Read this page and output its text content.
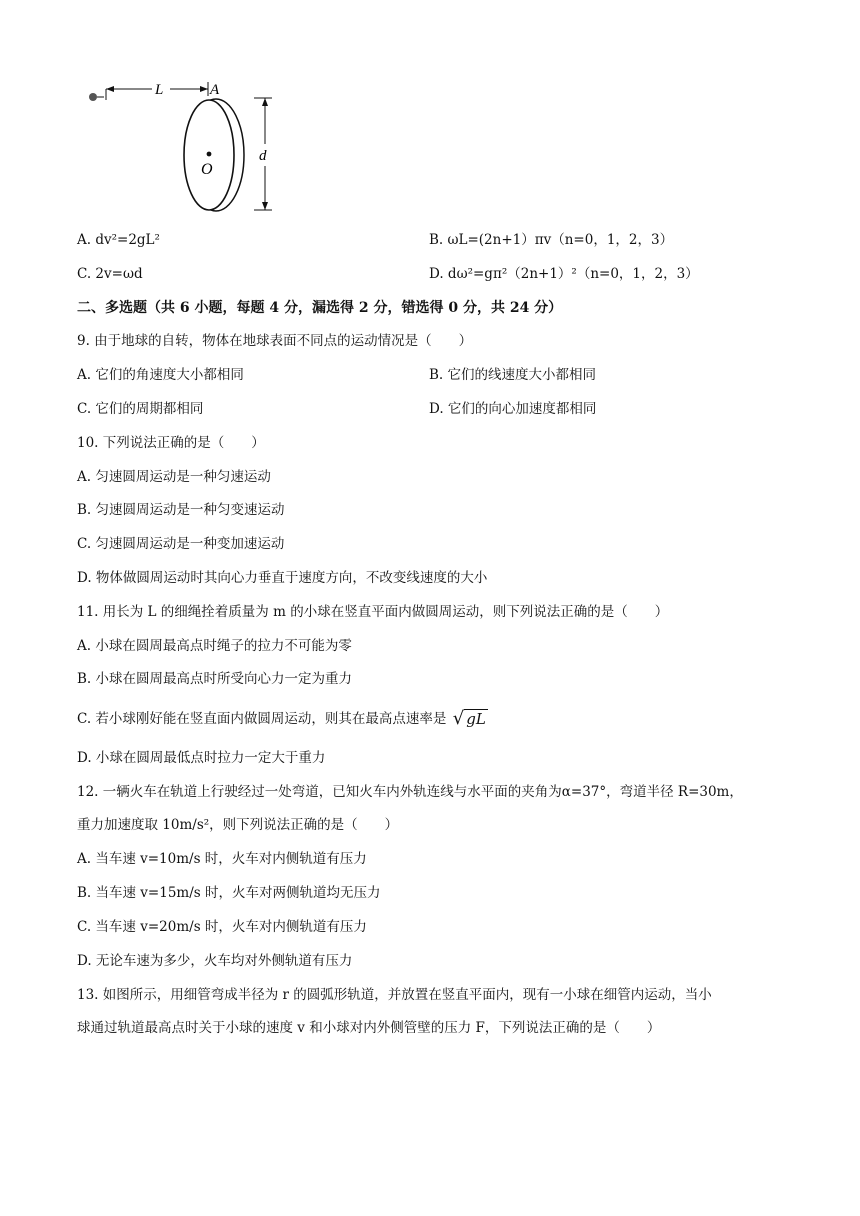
L	A
O
d
A. dv²=2gL²	B. ωL=(2n+1）πv（n=0，1，2，3）
C. 2v=ωd	D. dω²=gπ²（2n+1）²（n=0，1，2，3）
二、多选题（共 6 小题，每题 4 分，漏选得 2 分，错选得 0 分，共 24 分）
9. 由于地球的自转，物体在地球表面不同点的运动情况是（　　）
A. 它们的角速度大小都相同	B. 它们的线速度大小都相同
C. 它们的周期都相同	D. 它们的向心加速度都相同
10. 下列说法正确的是（　　）
A. 匀速圆周运动是一种匀速运动
B. 匀速圆周运动是一种匀变速运动
C. 匀速圆周运动是一种变加速运动
D. 物体做圆周运动时其向心力垂直于速度方向，不改变线速度的大小
11. 用长为 L 的细绳拴着质量为 m 的小球在竖直平面内做圆周运动，则下列说法正确的是（　　）
A. 小球在圆周最高点时绳子的拉力不可能为零
B. 小球在圆周最高点时所受向心力一定为重力
C. 若小球刚好能在竖直面内做圆周运动，则其在最高点速率是 √ gL
D. 小球在圆周最低点时拉力一定大于重力
12. 一辆火车在轨道上行驶经过一处弯道，已知火车内外轨连线与水平面的夹角为α=37°，弯道半径 R=30m，
重力加速度取 10m/s²，则下列说法正确的是（　　）
A. 当车速 v=10m/s 时，火车对内侧轨道有压力
B. 当车速 v=15m/s 时，火车对两侧轨道均无压力
C. 当车速 v=20m/s 时，火车对内侧轨道有压力
D. 无论车速为多少，火车均对外侧轨道有压力
13. 如图所示，用细管弯成半径为 r 的圆弧形轨道，并放置在竖直平面内，现有一小球在细管内运动，当小
球通过轨道最高点时关于小球的速度 v 和小球对内外侧管壁的压力 F，下列说法正确的是（　　）
